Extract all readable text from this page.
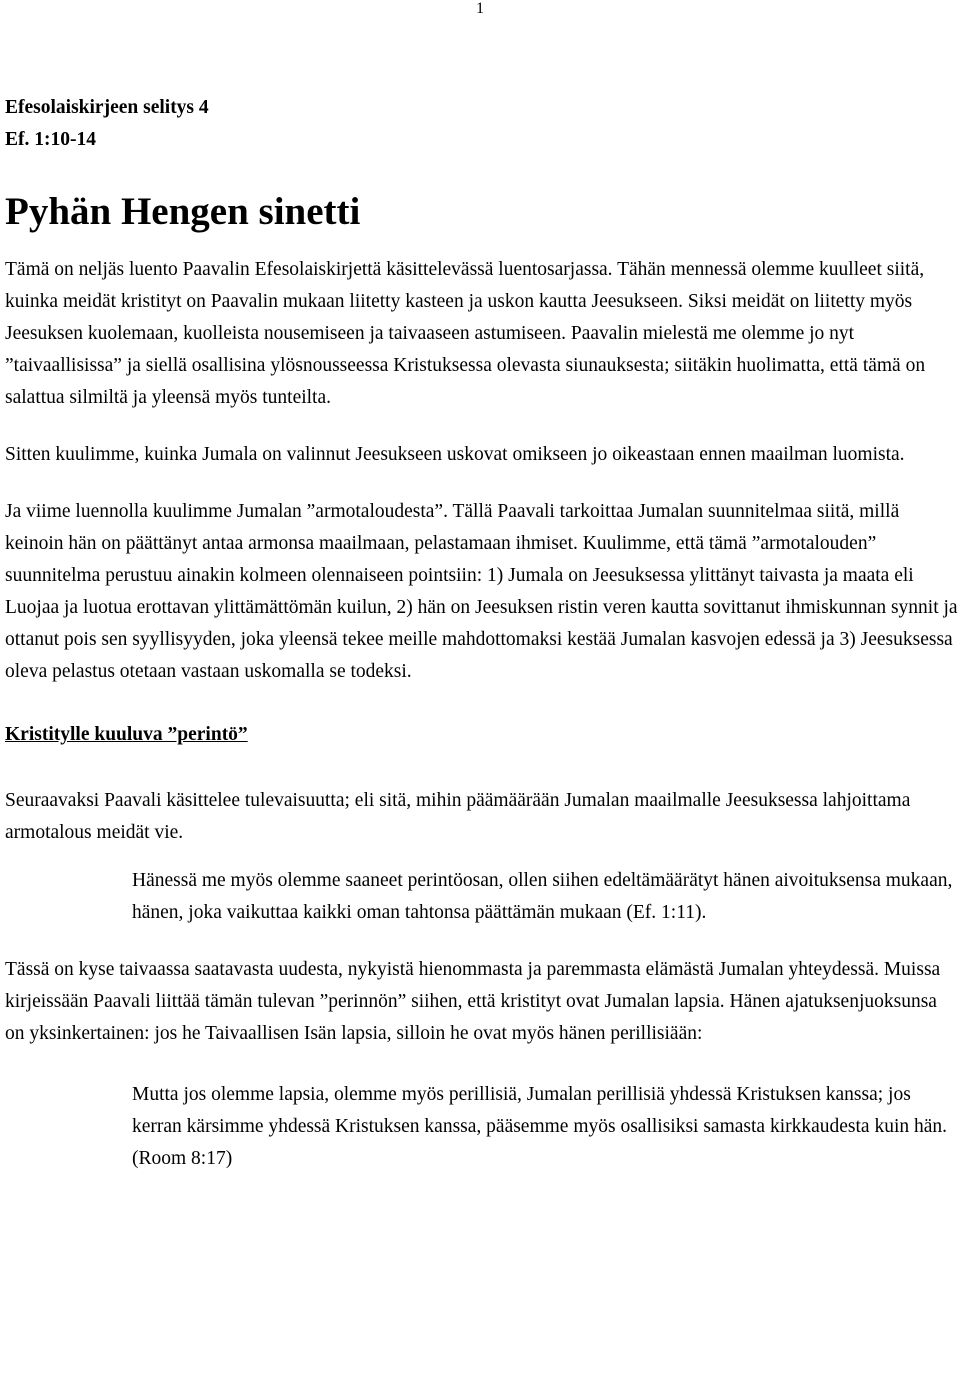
1

Efesolaiskirjeen selitys 4

Ef. 1:10-14

Pyhän Hengen sinetti

Tämä on neljäs luento Paavalin Efesolaiskirjettä käsittelevässä luentosarjassa. Tähän mennessä olemme kuulleet siitä, kuinka meidät kristityt on Paavalin mukaan liitetty kasteen ja uskon kautta Jeesukseen. Siksi meidät on liitetty myös Jeesuksen kuolemaan, kuolleista nousemiseen ja taivaaseen astumiseen. Paavalin mielestä me olemme jo nyt ”taivaallisissa” ja siellä osallisina ylösnousseessa Kristuksessa olevasta siunauksesta; siitäkin huolimatta, että tämä on salattua silmiltä ja yleensä myös tunteilta.

Sitten kuulimme, kuinka Jumala on valinnut Jeesukseen uskovat omikseen jo oikeastaan ennen maailman luomista.

Ja viime luennolla kuulimme Jumalan ”armotaloudesta”. Tällä Paavali tarkoittaa Jumalan suunnitelmaa siitä, millä keinoin hän on päättänyt antaa armonsa maailmaan, pelastamaan ihmiset. Kuulimme, että tämä ”armotalouden” suunnitelma perustuu ainakin kolmeen olennaiseen pointsiin: 1) Jumala on Jeesuksessa ylittänyt taivasta ja maata eli Luojaa ja luotua erottavan ylittämättömän kuilun, 2) hän on Jeesuksen ristin veren kautta sovittanut ihmiskunnan synnit ja ottanut pois sen syyllisyyden, joka yleensä tekee meille mahdottomaksi kestää Jumalan kasvojen edessä ja 3) Jeesuksessa oleva pelastus otetaan vastaan uskomalla se todeksi.

Kristitylle kuuluva ”perintö”

Seuraavaksi Paavali käsittelee tulevaisuutta; eli sitä, mihin päämäärään Jumalan maailmalle Jeesuksessa lahjoittama armotalous meidät vie.

Hänessä me myös olemme saaneet perintöosan, ollen siihen edeltämäärätyt hänen aivoituksensa mukaan, hänen, joka vaikuttaa kaikki oman tahtonsa päättämän mukaan (Ef. 1:11).

Tässä on kyse taivaassa saatavasta uudesta, nykyistä hienommasta ja paremmasta elämästä Jumalan yhteydessä. Muissa kirjeissään Paavali liittää tämän tulevan ”perinnön” siihen, että kristityt ovat Jumalan lapsia. Hänen ajatuksenjuoksunsa on yksinkertainen: jos he Taivaallisen Isän lapsia, silloin he ovat myös hänen perillisiään:

Mutta jos olemme lapsia, olemme myös perillisiä, Jumalan perillisiä yhdessä Kristuksen kanssa; jos kerran kärsimme yhdessä Kristuksen kanssa, pääsemme myös osallisiksi samasta kirkkaudesta kuin hän. (Room 8:17)
